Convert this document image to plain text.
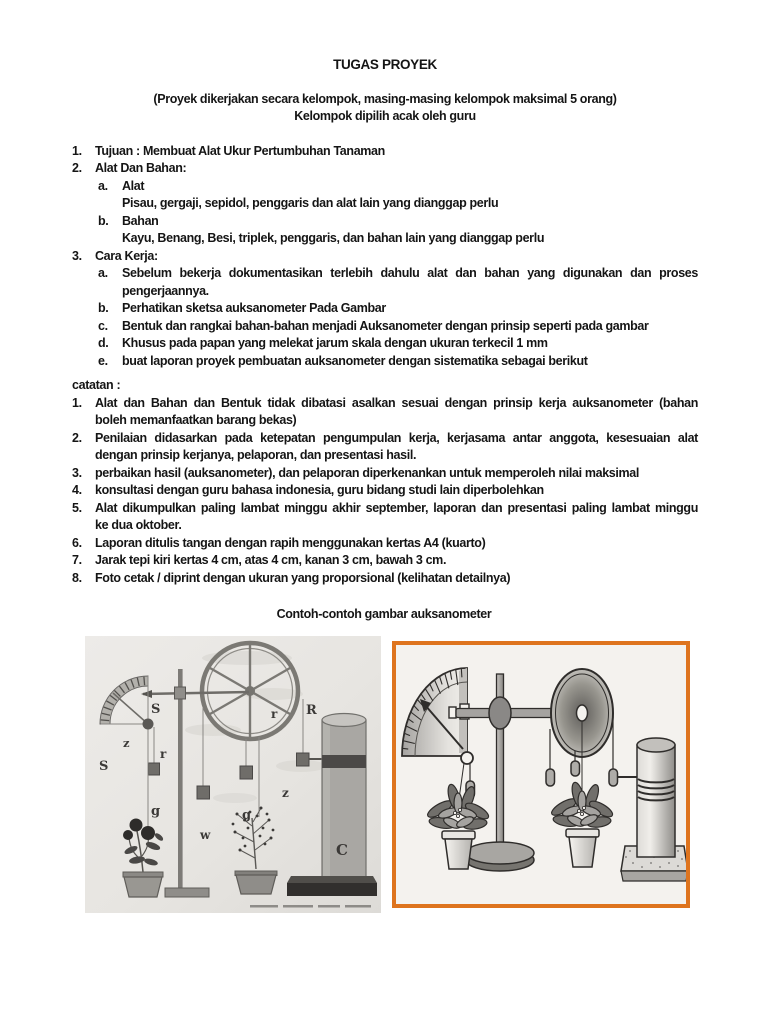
TUGAS PROYEK
(Proyek dikerjakan secara kelompok, masing-masing kelompok maksimal 5 orang)
Kelompok dipilih acak oleh guru
1.	Tujuan : Membuat Alat Ukur Pertumbuhan Tanaman
2.	Alat Dan Bahan:
a.	Alat
Pisau, gergaji, sepidol, penggaris dan alat lain yang dianggap perlu
b.	Bahan
Kayu, Benang, Besi, triplek, penggaris, dan bahan lain yang dianggap perlu
3.	Cara Kerja:
a.	Sebelum bekerja dokumentasikan terlebih dahulu alat dan bahan yang digunakan dan proses
pengerjaannya.
b.	Perhatikan sketsa auksanometer Pada Gambar
c.	Bentuk dan rangkai bahan-bahan menjadi Auksanometer dengan prinsip seperti pada gambar
d.	Khusus pada papan yang melekat jarum skala dengan ukuran terkecil 1 mm
e.	buat laporan proyek pembuatan auksanometer dengan sistematika sebagai berikut
catatan :
1.	Alat dan Bahan dan Bentuk tidak dibatasi asalkan sesuai dengan prinsip kerja auksanometer (bahan
boleh memanfaatkan barang bekas)
2.	Penilaian didasarkan pada ketepatan pengumpulan kerja, kerjasama antar anggota, kesesuaian alat
dengan prinsip kerjanya, pelaporan, dan presentasi hasil.
3.	perbaikan hasil (auksanometer), dan pelaporan diperkenankan untuk memperoleh nilai maksimal
4.	konsultasi dengan guru bahasa indonesia, guru bidang studi lain diperbolehkan
5.	Alat dikumpulkan paling lambat minggu akhir september, laporan dan presentasi paling lambat minggu
ke dua oktober.
6.	Laporan ditulis tangan dengan rapih menggunakan kertas A4 (kuarto)
7.	Jarak tepi kiri kertas 4 cm, atas 4 cm, kanan 3 cm, bawah 3 cm.
8.	Foto cetak / diprint dengan ukuran yang proporsional (kelihatan detailnya)
Contoh-contoh gambar auksanometer
S
z
r
S
g
w
g
r R
z
C
